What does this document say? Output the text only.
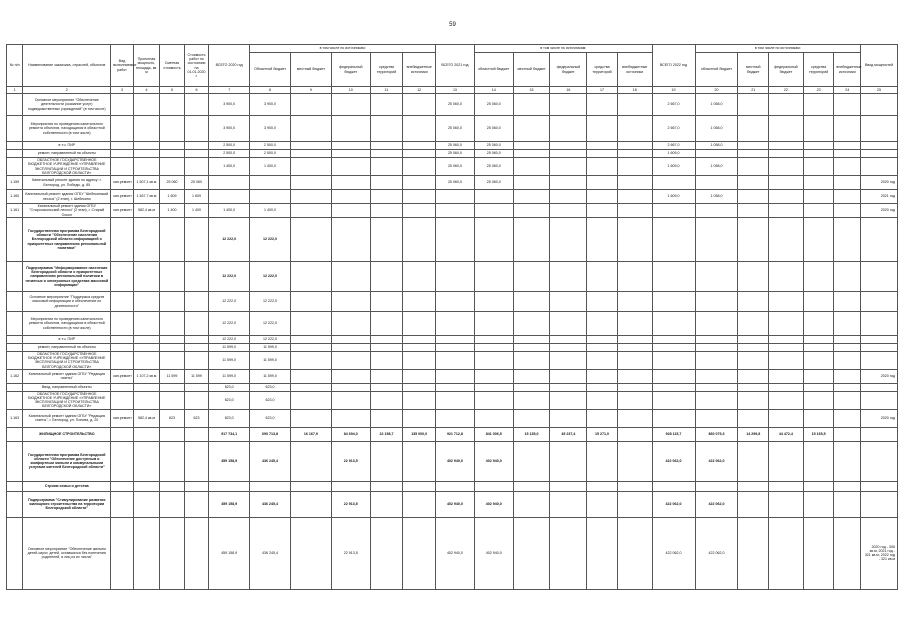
59
№ п/п	Наименование заказчика, отраслей, объектов	Вид выполняемых работ	Проектная мощность, площадь, кв. м	Сметная стоимость	Стоимость работ по состоянию на 01.01.2020 г.	ВСЕГО 2020 год	в том числе по источникам:					ВСЕГО 2021 год	в том числе по источникам:					ВСЕГО 2022 год	в том числе по источникам:					Ввод мощностей
							Областной бюджет	местный бюджет	федеральный бюджет	средства территорий	внебюджетные источники		областной бюджет	местный бюджет	федеральный бюджет	средства территорий	внебюджетные источники		областной бюджет	местный бюджет	федеральный бюджет	средства территорий	внебюджетные источники	
1	2	3	4	5	6	7	8	9	10	11	12	13	14	15	16	17	18	19	20	21	22	23	24	25
	Основное мероприятие "Обеспечение деятельности (оказание услуг) подведомственных учреждений" (в том числе)					3 900,0	3 900,0					25 060,0	25 060,0					2 667,0	1 058,0					
	Мероприятия по проведению капитального ремонта объектов, находящихся в областной собственности (в том числе)					3 900,0	3 900,0					25 060,0	25 060,0					2 667,0	1 058,0					
	в т.ч. ПИР					2 500,0	2 500,0					25 060,0	25 060,0					2 667,0	1 058,0					
	ремонт, направленный на объекты					2 500,0	2 500,0					25 060,0	25 060,0					1 609,0						
	ОБЛАСТНОЕ ГОСУДАРСТВЕННОЕ БЮДЖЕТНОЕ УЧРЕЖДЕНИЕ «УПРАВЛЕНИЕ ЭКСПЛУАТАЦИИ И СТРОИТЕЛЬСТВА БЕЛГОРОДСКОЙ ОБЛАСТИ»					1 400,0	1 400,0					25 060,0	25 060,0					1 609,0	1 058,0					
1.159	Капитальный ремонт здания по адресу: г. Белгород, ул. Победы, д. 85	кап.ремонт	1 507,1 кв.м	25 060	25 060							25 060,0	25 060,0											2020 год
1.160	Капитальный ремонт здания ОГБУ "Шебекинский лесхоз" (2 этап), г. Шебекино	кап.ремонт	1 467,7 кв.м	1 609	1 609													1 609,0	1 058,0					2021 год
1.161	Капитальный ремонт здания ОГБУ "Старооскольский лесхоз" (2 этап), г. Старый Оскол	кап.ремонт	582,4 кв.м	1 400	1 400	1 400,0	1 400,0																	2020 год
	Государственная программа Белгородской области "Обеспечение населения Белгородской области информацией о приоритетных направлениях региональной политики"					12 222,0	12 222,0																	
	Подпрограмма "Информирование населения Белгородской области о приоритетных направлениях региональной политики в печатных и электронных средствах массовой информации"					12 222,0	12 222,0																	
	Основное мероприятие "Поддержка средств массовой информации и обеспечение их деятельности"					12 222,0	12 222,0																	
	Мероприятия по проведению капитального ремонта объектов, находящихся в областной собственности (в том числе)					12 222,0	12 222,0																	
	в т.ч. ПИР					12 222,0	12 222,0																	
	ремонт, направленный на объекты					11 599,0	11 599,0																	
	ОБЛАСТНОЕ ГОСУДАРСТВЕННОЕ БЮДЖЕТНОЕ УЧРЕЖДЕНИЕ «УПРАВЛЕНИЕ ЭКСПЛУАТАЦИИ И СТРОИТЕЛЬСТВА БЕЛГОРОДСКОЙ ОБЛАСТИ»					11 599,0	11 599,0																	
1.162	Капитальный ремонт здания ОГБУ "Редакция газеты"	кап.ремонт	1 107,2 кв.м	11 599	11 599	11 599,0	11 599,0																	2020 год
	Ввод, направленный объекты					623,0	623,0																	
	ОБЛАСТНОЕ ГОСУДАРСТВЕННОЕ БЮДЖЕТНОЕ УЧРЕЖДЕНИЕ «УПРАВЛЕНИЕ ЭКСПЛУАТАЦИИ И СТРОИТЕЛЬСТВА БЕЛГОРОДСКОЙ ОБЛАСТИ»					623,0	623,0																	
1.163	Капитальный ремонт здания ОГБУ "Редакция газеты", г. Белгород, ул. Попова, д. 20	кап.ремонт	582,4 кв.м	623	623	623,0	623,0																	2020 год
	ЖИЛИЩНОЕ СТРОИТЕЛЬСТВО					917 734,1	690 713,8	16 167,9	84 694,0	22 158,7	135 000,0	921 712,8	841 006,5	15 135,0	45 237,4	15 271,0		928 115,7	860 079,3	14 299,8	44 472,4	15 165,5		
	Государственная программа Белгородской области "Обеспечение доступным и комфортным жильем и коммунальными услугами жителей Белгородской области"					459 158,9	436 245,4		22 913,5			402 940,0	402 940,0					422 062,0	422 062,0					
	Строим семьи и детства																							
	Подпрограмма "Стимулирование развития жилищного строительства на территории Белгородской области"					459 158,9	436 245,4		22 913,5			402 940,0	402 940,0					422 062,0	422 062,0					
	Основное мероприятие "Обеспечение жильем детей-сирот, детей, оставшихся без попечения родителей, и лиц из их числа"					459 158,9	436 245,4		22 913,5			402 940,0	402 940,0					422 062,0	422 062,0					2020 год - 306 кв.м; 2021 год - 321 кв.м; 2022 год - 321 кв.м
